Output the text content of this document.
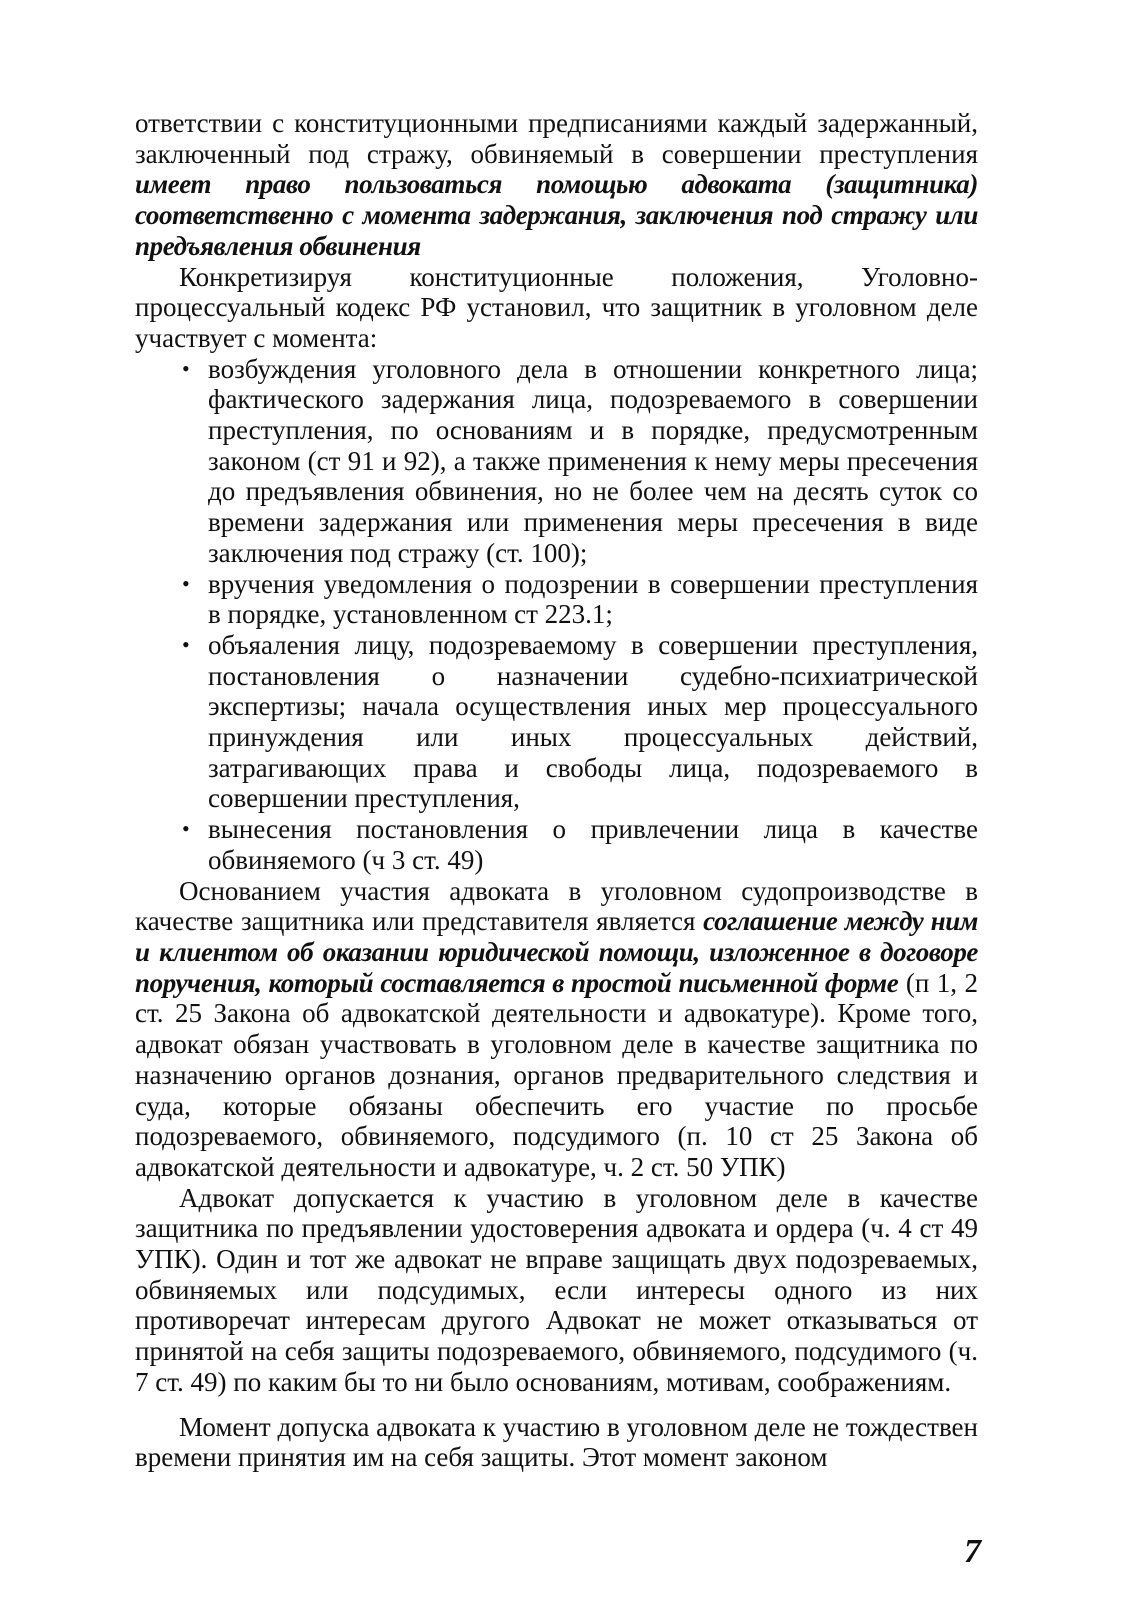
ответствии с конституционными предписаниями каждый задержанный, заключенный под стражу, обвиняемый в совершении преступления имеет право пользоваться помощью адвоката (защитника) соответственно с момента задержания, заключения под стражу или предъявления обвинения

Конкретизируя конституционные положения, Уголовно-процессуальный кодекс РФ установил, что защитник в уголовном деле участвует с момента:

• возбуждения уголовного дела в отношении конкретного лица; фактического задержания лица, подозреваемого в совершении преступления, по основаниям и в порядке, предусмотренным законом (ст 91 и 92), а также применения к нему меры пресечения до предъявления обвинения, но не более чем на десять суток со времени задержания или применения меры пресечения в виде заключения под стражу (ст. 100);
• вручения уведомления о подозрении в совершении преступления в порядке, установленном ст 223.1;
• объяаления лицу, подозреваемому в совершении преступления, постановления о назначении судебно-психиатрической экспертизы; начала осуществления иных мер процессуального принуждения или иных процессуальных действий, затрагивающих права и свободы лица, подозреваемого в совершении преступления,
• вынесения постановления о привлечении лица в качестве обвиняемого (ч 3 ст. 49)

Основанием участия адвоката в уголовном судопроизводстве в качестве защитника или представителя является соглашение между ним и клиентом об оказании юридической помощи, изложенное в договоре поручения, который составляется в простой письменной форме (п 1, 2 ст. 25 Закона об адвокатской деятельности и адвокатуре). Кроме того, адвокат обязан участвовать в уголовном деле в качестве защитника по назначению органов дознания, органов предварительного следствия и суда, которые обязаны обеспечить его участие по просьбе подозреваемого, обвиняемого, подсудимого (п. 10 ст 25 Закона об адвокатской деятельности и адвокатуре, ч. 2 ст. 50 УПК)

Адвокат допускается к участию в уголовном деле в качестве защитника по предъявлении удостоверения адвоката и ордера (ч. 4 ст 49 УПК). Один и тот же адвокат не вправе защищать двух подозреваемых, обвиняемых или подсудимых, если интересы одного из них противоречат интересам другого Адвокат не может отказываться от принятой на себя защиты подозреваемого, обвиняемого, подсудимого (ч. 7 ст. 49) по каким бы то ни было основаниям, мотивам, соображениям.

Момент допуска адвоката к участию в уголовном деле не тождествен времени принятия им на себя защиты. Этот момент законом

7
